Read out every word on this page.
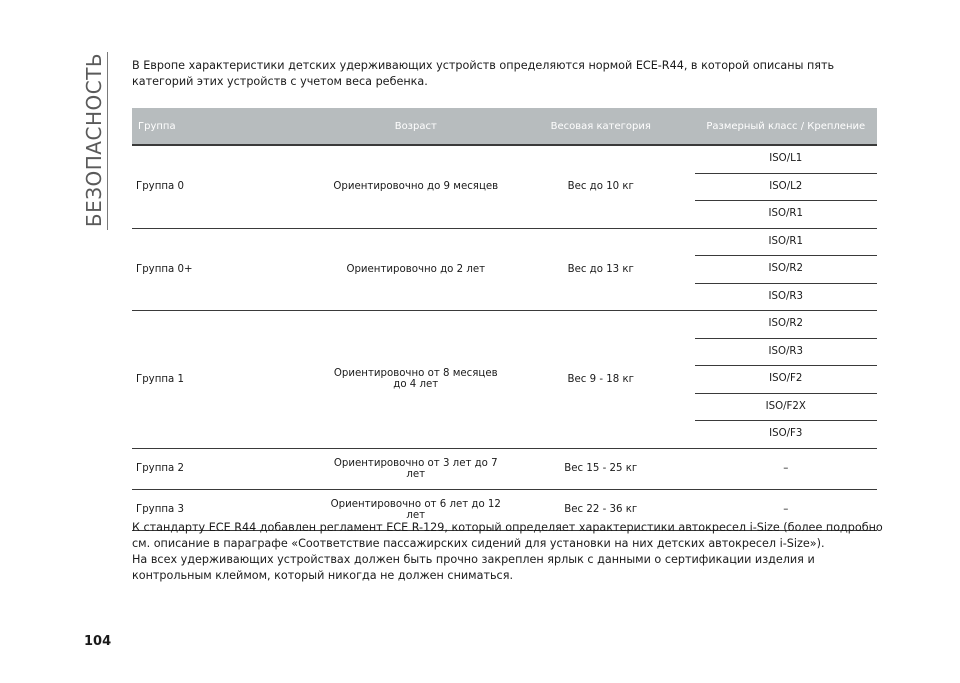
БЕЗОПАСНОСТЬ В Европе характеристики детских удерживающих устройств определяются нормой ECE-R44, в которой описаны пять категорий этих устройств с учетом веса ребенка.
Группа	Возраст	Весовая категория	Размерный класс / Крепление
Группа 0	Ориентировочно до 9 месяцев	Вес до 10 кг	ISO/L1
ISO/L2
ISO/R1

Группа 0+	Ориентировочно до 2 лет	Вес до 13 кг	ISO/R1
ISO/R2
ISO/R3

Группа 1	Ориентировочно от 8 месяцев до 4 лет	Вес 9 - 18 кг	ISO/R2
ISO/R3
ISO/F2
ISO/F2X
ISO/F3

Группа 2	Ориентировочно от 3 лет до 7 лет	Вес 15 - 25 кг	–

Группа 3	Ориентировочно от 6 лет до 12 лет	Вес 22 - 36 кг	–
К стандарту ECE R44 добавлен регламент ECE R-129, который определяет характеристики автокресел i-Size (более подробно см. описание в параграфе «Соответствие пассажирских сидений для установки на них детских автокресел i-Size»).
На всех удерживающих устройствах должен быть прочно закреплен ярлык с данными о сертификации изделия и контрольным клеймом, который никогда не должен сниматься.
104
